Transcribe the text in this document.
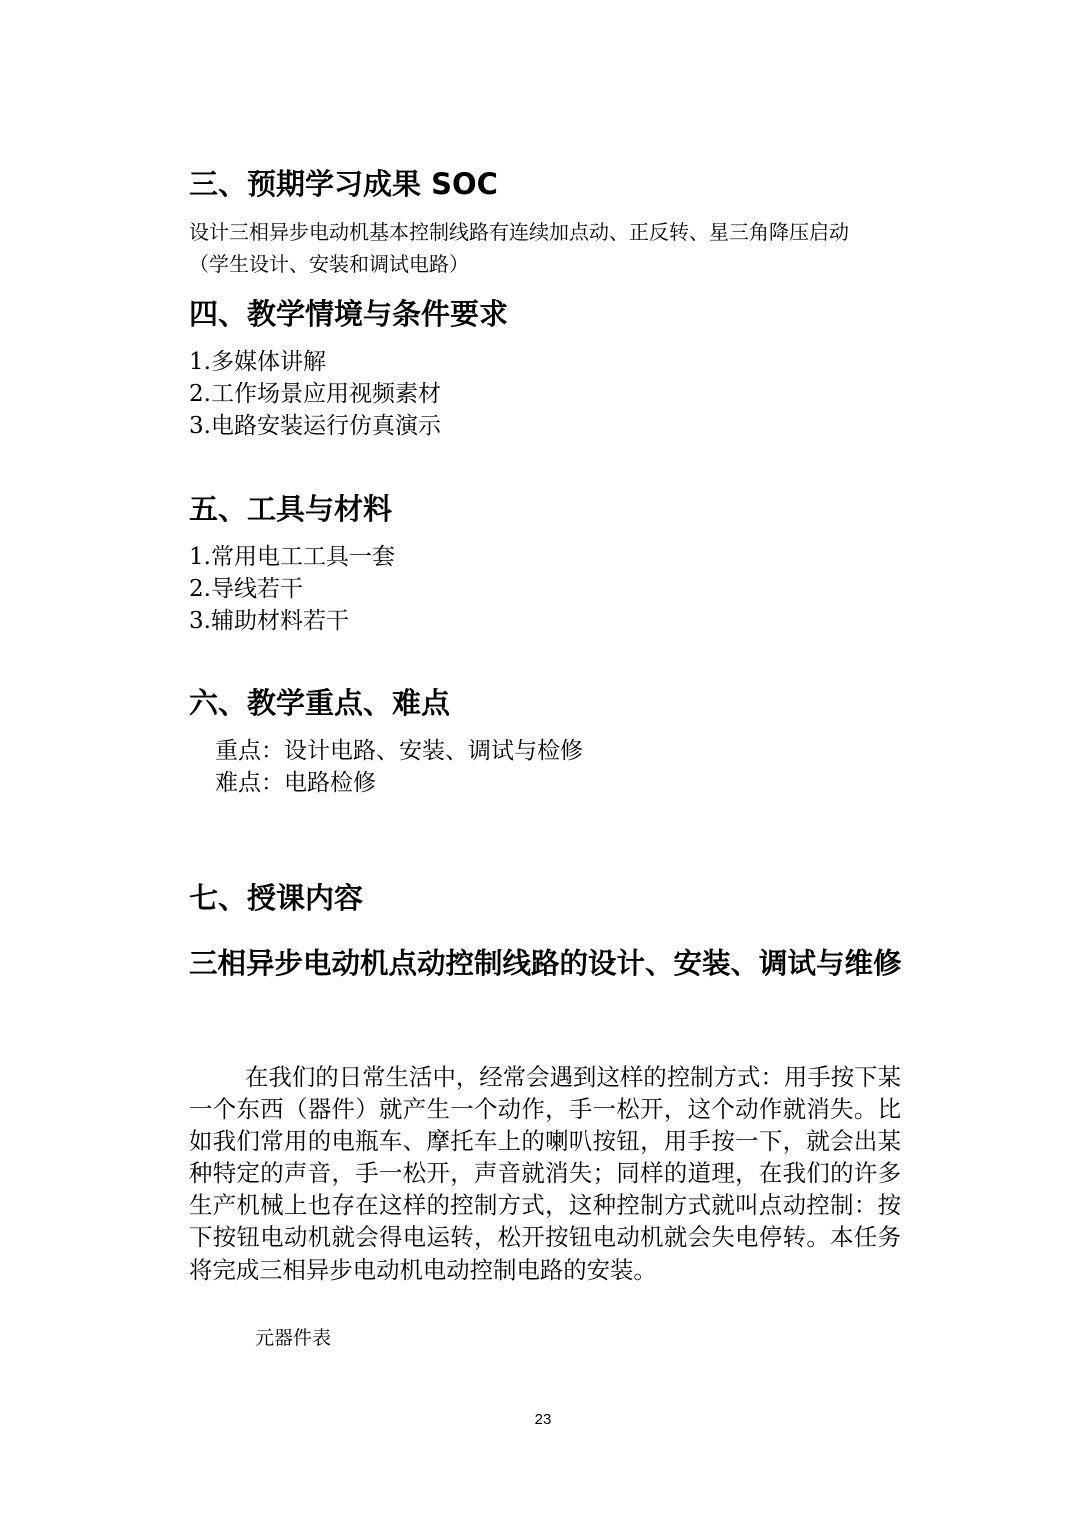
三、预期学习成果 SOC
设计三相异步电动机基本控制线路有连续加点动、正反转、星三角降压启动
（学生设计、安装和调试电路）
四、教学情境与条件要求
1.多媒体讲解
2.工作场景应用视频素材
3.电路安装运行仿真演示
五、工具与材料
1.常用电工工具一套
2.导线若干
3.辅助材料若干
六、教学重点、难点
重点：设计电路、安装、调试与检修
难点：电路检修
七、授课内容
三相异步电动机点动控制线路的设计、安装、调试与维修
在我们的日常生活中，经常会遇到这样的控制方式：用手按下某一个东西（器件）就产生一个动作，手一松开，这个动作就消失。比如我们常用的电瓶车、摩托车上的喇叭按钮，用手按一下，就会出某种特定的声音，手一松开，声音就消失；同样的道理，在我们的许多生产机械上也存在这样的控制方式，这种控制方式就叫点动控制：按下按钮电动机就会得电运转，松开按钮电动机就会失电停转。本任务将完成三相异步电动机电动控制电路的安装。
元器件表
23
